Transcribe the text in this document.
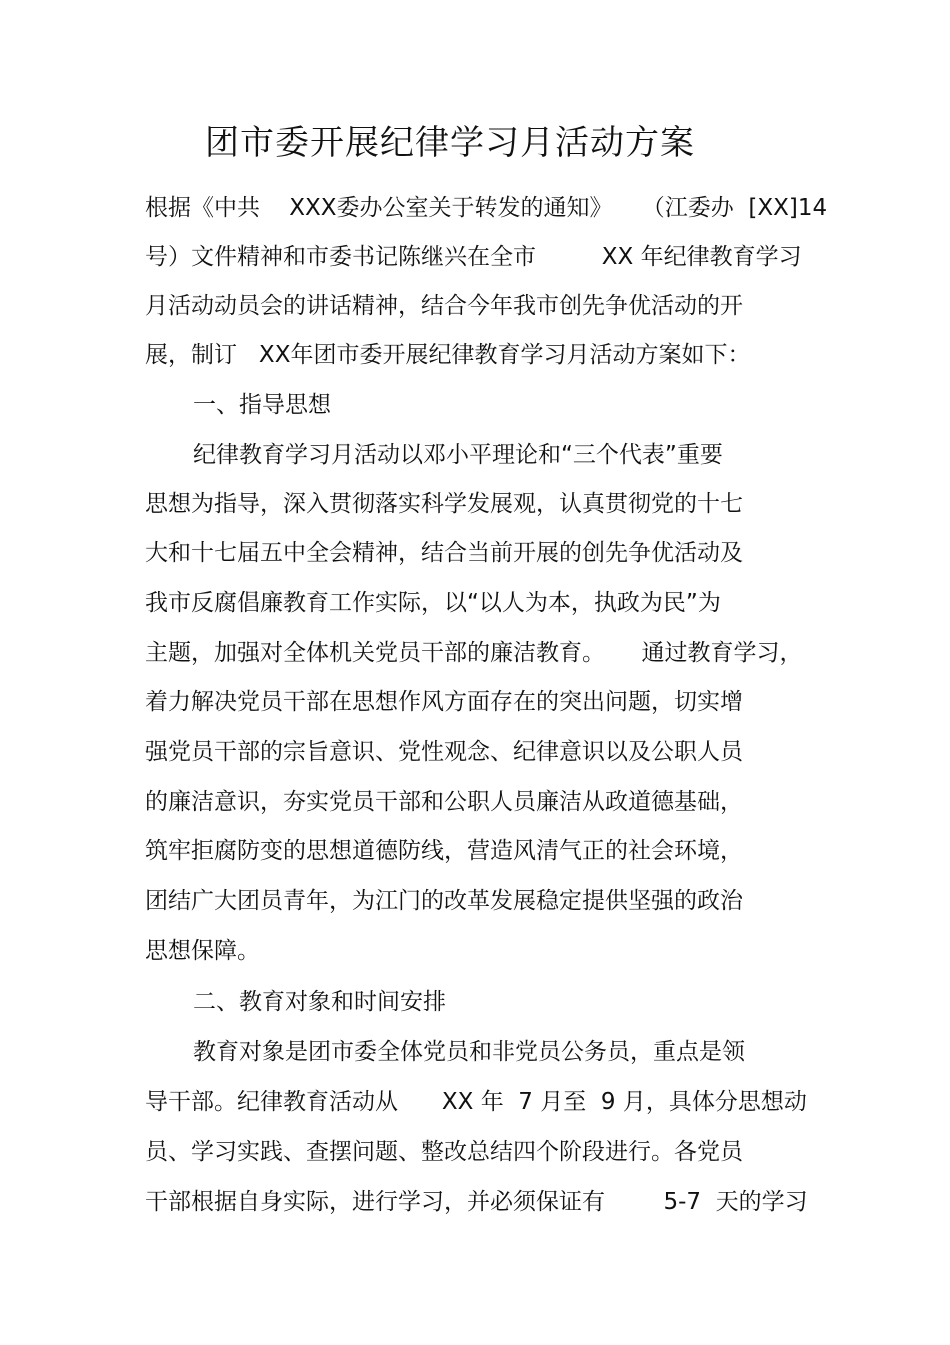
团市委开展纪律学习月活动方案
根据《中共    XXX委办公室关于转发的通知》    （江委办  [XX]14
号）文件精神和市委书记陈继兴在全市         XX 年纪律教育学习
月活动动员会的讲话精神，结合今年我市创先争优活动的开
展，制订   XX年团市委开展纪律教育学习月活动方案如下：
一、指导思想
纪律教育学习月活动以邓小平理论和“三个代表”重要
思想为指导，深入贯彻落实科学发展观，认真贯彻党的十七
大和十七届五中全会精神，结合当前开展的创先争优活动及
我市反腐倡廉教育工作实际，以“以人为本，执政为民”为
主题，加强对全体机关党员干部的廉洁教育。     通过教育学习，
着力解决党员干部在思想作风方面存在的突出问题，切实增
强党员干部的宗旨意识、党性观念、纪律意识以及公职人员
的廉洁意识，夯实党员干部和公职人员廉洁从政道德基础，
筑牢拒腐防变的思想道德防线，营造风清气正的社会环境，
团结广大团员青年，为江门的改革发展稳定提供坚强的政治
思想保障。
二、教育对象和时间安排
教育对象是团市委全体党员和非党员公务员，重点是领
导干部。纪律教育活动从      XX 年  7 月至  9 月，具体分思想动
员、学习实践、查摆问题、整改总结四个阶段进行。各党员
干部根据自身实际，进行学习，并必须保证有        5-7  天的学习
